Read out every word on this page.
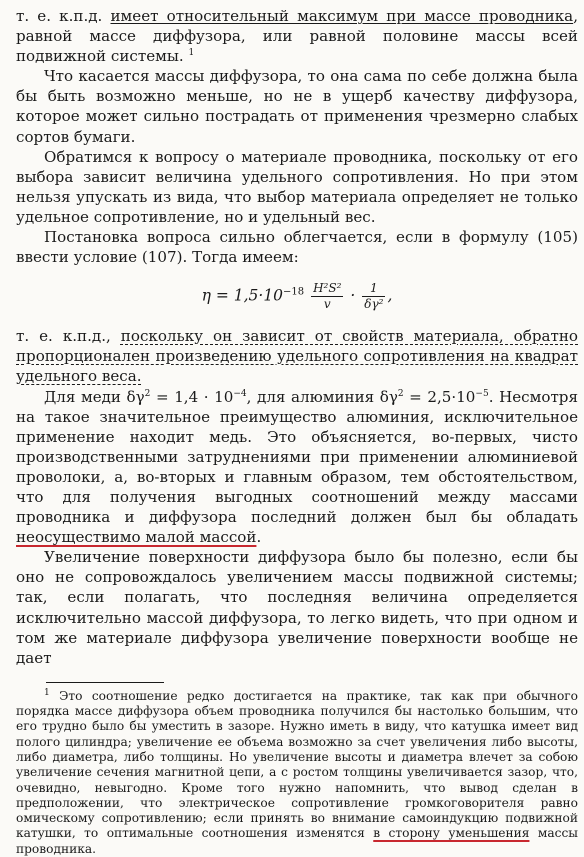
т. е. к.п.д. имеет относительный максимум при массе проводника, равной массе диффузора, или равной половине массы всей подвижной системы. $^1$

Что касается массы диффузора, то она сама по себе должна была бы быть возможно меньше, но не в ущерб качеству диффузора, которое может сильно пострадать от применения чрезмерно слабых сортов бумаги.

Обратимся к вопросу о материале проводника, поскольку от его выбора зависит величина удельного сопротивления. Но при этом нельзя упускать из вида, что выбор материала определяет не только удельное сопротивление, но и удельный вес.

Постановка вопроса сильно облегчается, если в формулу (105) ввести условие (107). Тогда имеем:

$\eta = 1,5\cdot 10^{-18} \frac{\text{H²S²}}{v} \cdot \frac{1}{\text{δγ²}}$ ,

т. е. к.п.д., поскольку он зависит от свойств материала, обратно пропорционален произведению удельного сопротивления на квадрат удельного веса.

Для меди $\delta\gamma^2 = 1,4 \cdot 10^{-4}$, для алюминия $\delta\gamma^2 = 2,5\cdot 10^{-5}$. Несмотря на такое значительное преимущество алюминия, исключительное применение находит медь. Это объясняется, во-первых, чисто производственными затруднениями при применении алюминиевой проволоки, а, во-вторых и главным образом, тем обстоятельством, что для получения выгодных соотношений между массами проводника и диффузора последний должен был бы обладать неосуществимо малой массой.

Увеличение поверхности диффузора было бы полезно, если бы оно не сопровождалось увеличением массы подвижной системы; так, если полагать, что последняя величина определяется исключительно массой диффузора, то легко видеть, что при одном и том же материале диффузора увеличение поверхности вообще не дает

$^1$ Это соотношение редко достигается на практике, так как при обычного порядка массе диффузора объем проводника получился бы настолько большим, что его трудно было бы уместить в зазоре. Нужно иметь в виду, что катушка имеет вид полого цилиндра; увеличение ее объема возможно за счет увеличения либо высоты, либо диаметра, либо толщины. Но увеличение высоты и диаметра влечет за собою увеличение сечения магнитной цепи, а с ростом толщины увеличивается зазор, что, очевидно, невыгодно. Кроме того нужно напомнить, что вывод сделан в предположении, что электрическое сопротивление громкоговорителя равно омическому сопротивлению; если принять во внимание самоиндукцию подвижной катушки, то оптимальные соотношения изменятся в сторону уменьшения массы проводника.
